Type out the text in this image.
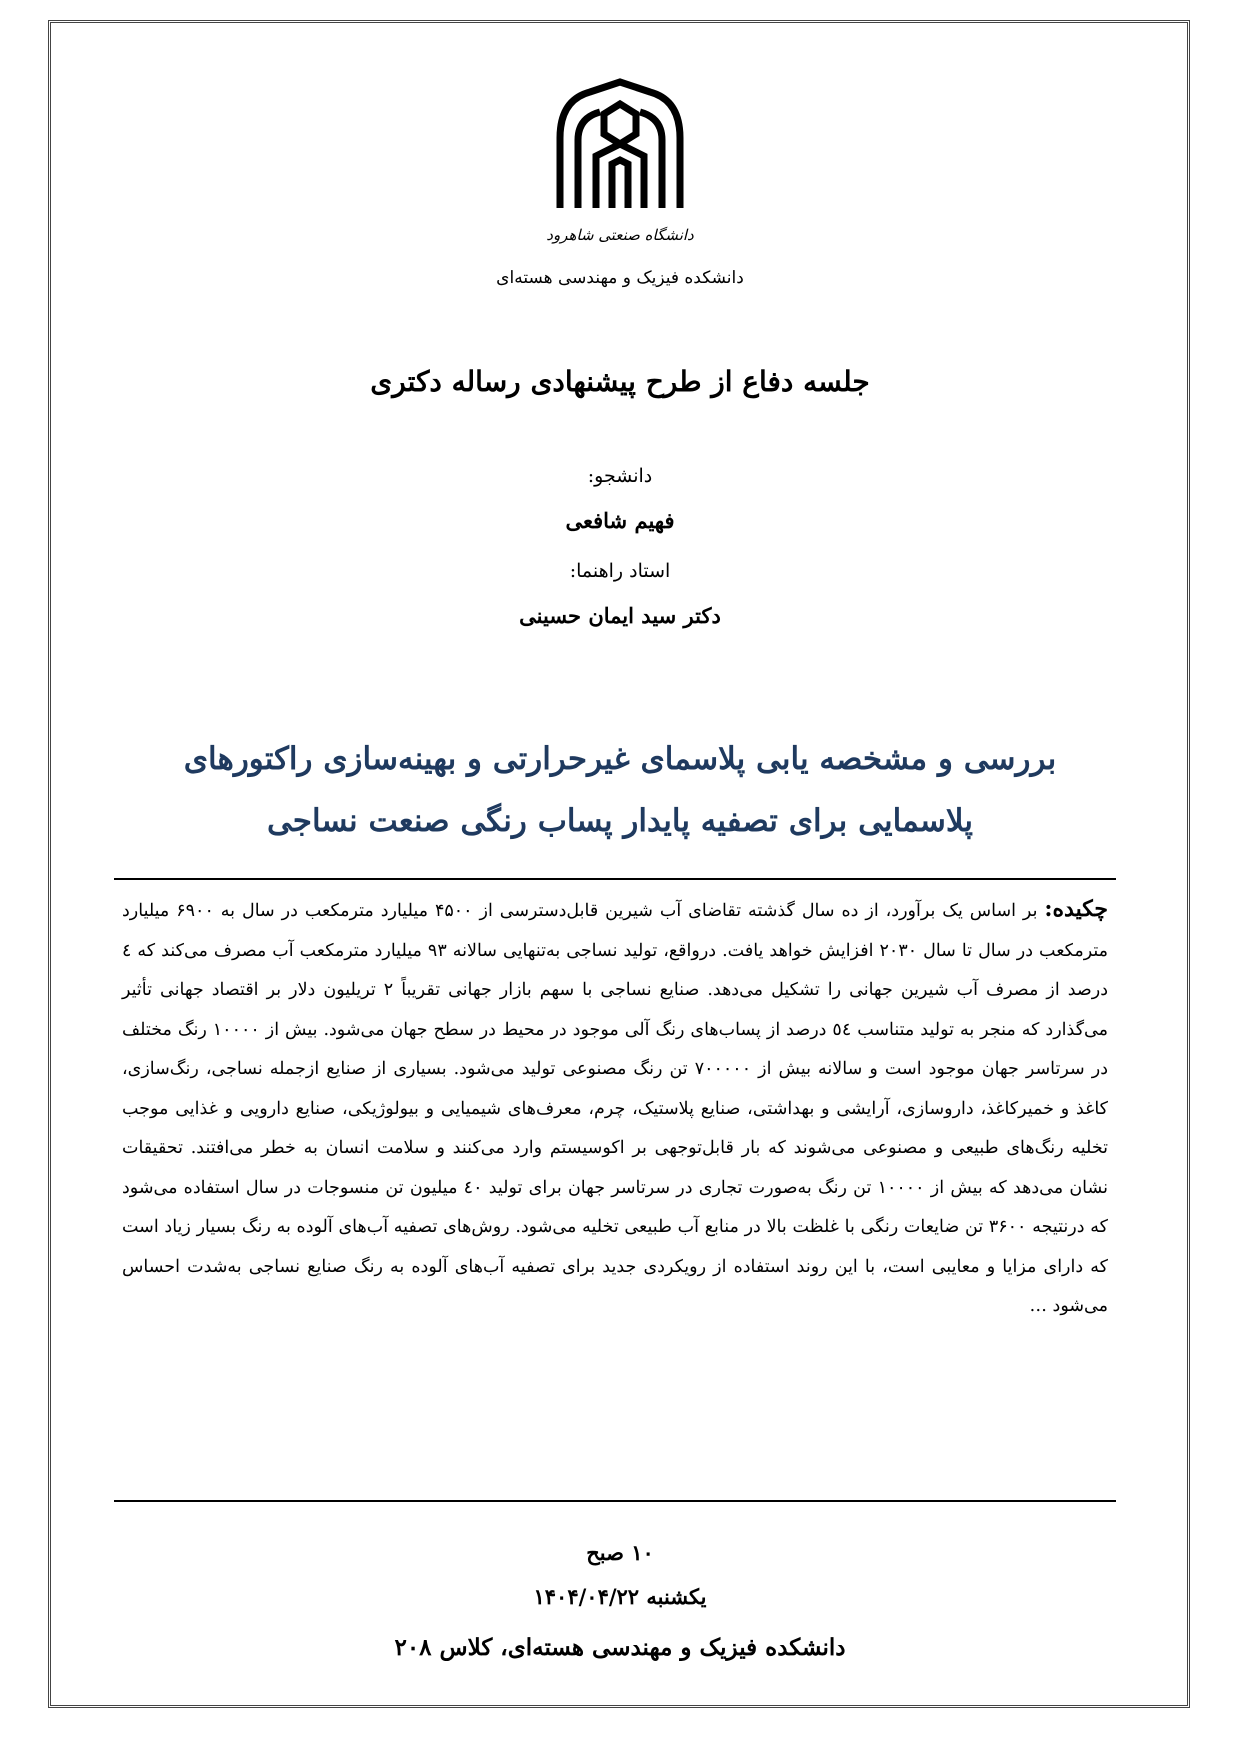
دانشگاه صنعتی شاهرود
دانشکده فیزیک و مهندسی هسته‌ای
جلسه دفاع از طرح پیشنهادی رساله دکتری
دانشجو:
فهیم شافعی
استاد راهنما:
دکتر سید ایمان حسینی
بررسی و مشخصه یابی پلاسمای غیرحرارتی و بهینه‌سازی راکتورهای
پلاسمایی برای تصفیه پایدار پساب رنگی صنعت نساجی
چکیده: بر اساس یک برآورد، از ده سال گذشته تقاضای آب شیرین قابل‌دسترسی از ۴۵۰۰ میلیارد مترمکعب در سال به ۶۹۰۰ میلیارد مترمکعب در سال تا سال ۲۰۳۰ افزایش خواهد یافت. درواقع، تولید نساجی به‌تنهایی سالانه ۹۳ میلیارد مترمکعب آب مصرف می‌کند که ٤ درصد از مصرف آب شیرین جهانی را تشکیل می‌دهد. صنایع نساجی با سهم بازار جهانی تقریباً ۲ تریلیون دلار بر اقتصاد جهانی تأثیر می‌گذارد که منجر به تولید متناسب ٥٤ درصد از پساب‌های رنگ آلی موجود در محیط در سطح جهان می‌شود. بیش از ۱۰۰۰۰ رنگ مختلف در سرتاسر جهان موجود است و سالانه بیش از ۷۰۰۰۰۰ تن رنگ مصنوعی تولید می‌شود. بسیاری از صنایع ازجمله نساجی، رنگ‌سازی، کاغذ و خمیرکاغذ، داروسازی، آرایشی و بهداشتی، صنایع پلاستیک، چرم، معرف‌های شیمیایی و بیولوژیکی، صنایع دارویی و غذایی موجب تخلیه رنگ‌های طبیعی و مصنوعی می‌شوند که بار قابل‌توجهی بر اکوسیستم وارد می‌کنند و سلامت انسان به خطر می‌افتند. تحقیقات نشان می‌دهد که بیش از ۱۰۰۰۰ تن رنگ به‌صورت تجاری در سرتاسر جهان برای تولید ٤۰ میلیون تن منسوجات در سال استفاده می‌شود که درنتیجه ۳۶۰۰ تن ضایعات رنگی با غلظت بالا در منابع آب طبیعی تخلیه می‌شود. روش‌های تصفیه آب‌های آلوده به رنگ بسیار زیاد است که دارای مزایا و معایبی است، با این روند استفاده از رویکردی جدید برای تصفیه آب‌های آلوده به رنگ صنایع نساجی به‌شدت احساس می‌شود …
۱۰ صبح
یکشنبه ۱۴۰۴/۰۴/۲۲
دانشکده فیزیک و مهندسی هسته‌ای، کلاس ۲۰۸
